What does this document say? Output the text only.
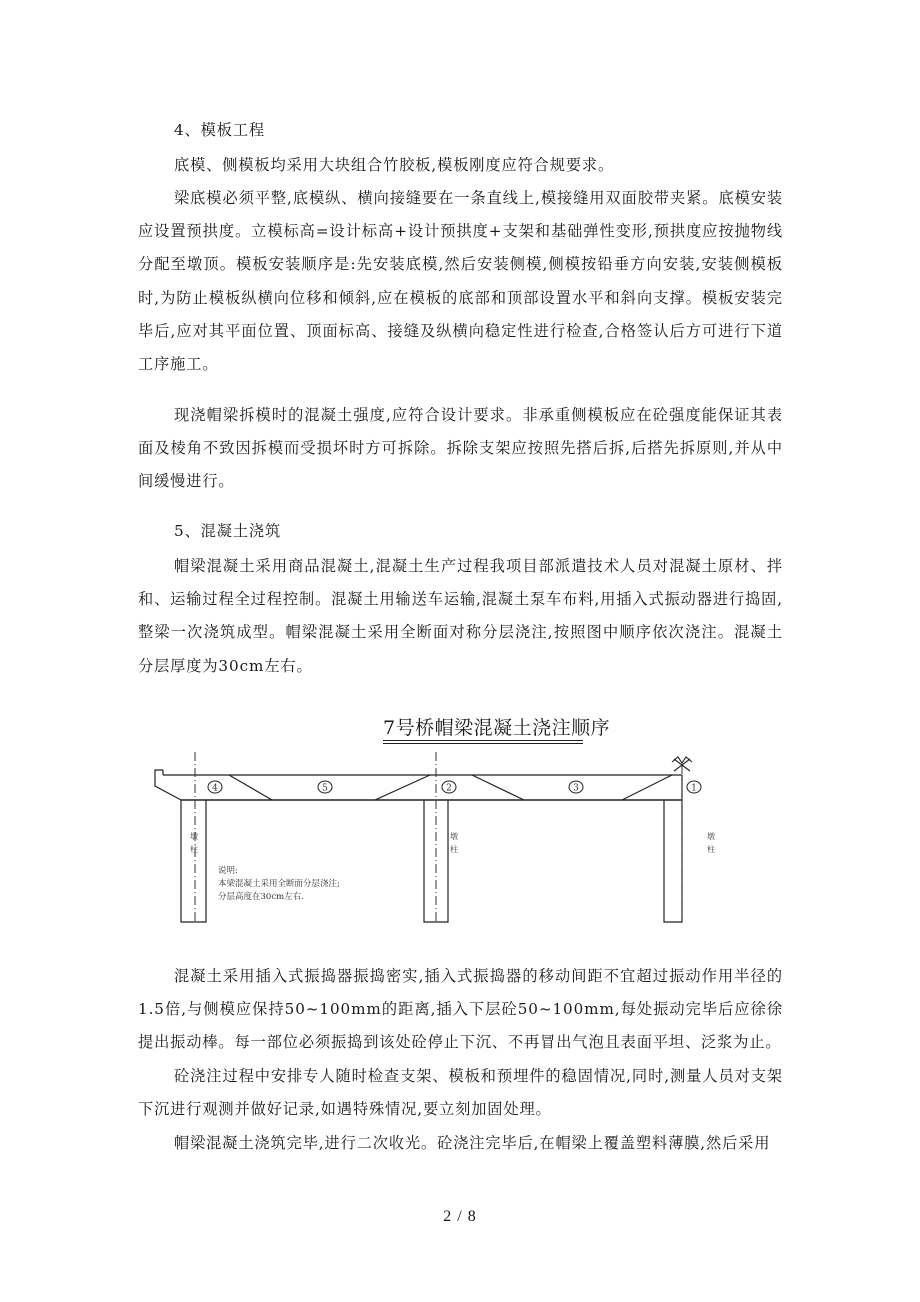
4、模板工程

底模、侧模板均采用大块组合竹胶板,模板刚度应符合规要求。

梁底模必须平整,底模纵、横向接缝要在一条直线上,模接缝用双面胶带夹紧。底模安装应设置预拱度。立模标高=设计标高+设计预拱度+支架和基础弹性变形,预拱度应按抛物线分配至墩顶。模板安装顺序是:先安装底模,然后安装侧模,侧模按铅垂方向安装,安装侧模板时,为防止模板纵横向位移和倾斜,应在模板的底部和顶部设置水平和斜向支撑。模板安装完毕后,应对其平面位置、顶面标高、接缝及纵横向稳定性进行检查,合格签认后方可进行下道工序施工。

现浇帽梁拆模时的混凝土强度,应符合设计要求。非承重侧模板应在砼强度能保证其表面及棱角不致因拆模而受损坏时方可拆除。拆除支架应按照先搭后拆,后搭先拆原则,并从中间缓慢进行。

5、混凝土浇筑

帽梁混凝土采用商品混凝土,混凝土生产过程我项目部派遣技术人员对混凝土原材、拌和、运输过程全过程控制。混凝土用输送车运输,混凝土泵车布料,用插入式振动器进行捣固,整梁一次浇筑成型。帽梁混凝土采用全断面对称分层浇注,按照图中顺序依次浇注。混凝土分层厚度为30cm左右。

7号桥帽梁混凝土浇注顺序
4	5	2	3	1
墩
柱
墩
柱
墩
柱
说明:
本梁混凝土采用全断面分层浇注;
分层高度在30cm左右.

混凝土采用插入式振捣器振捣密实,插入式振捣器的移动间距不宜超过振动作用半径的1.5倍,与侧模应保持50~100mm的距离,插入下层砼50~100mm,每处振动完毕后应徐徐提出振动棒。每一部位必须振捣到该处砼停止下沉、不再冒出气泡且表面平坦、泛浆为止。

砼浇注过程中安排专人随时检查支架、模板和预埋件的稳固情况,同时,测量人员对支架下沉进行观测并做好记录,如遇特殊情况,要立刻加固处理。

帽梁混凝土浇筑完毕,进行二次收光。砼浇注完毕后,在帽梁上覆盖塑料薄膜,然后采用

2 / 8
